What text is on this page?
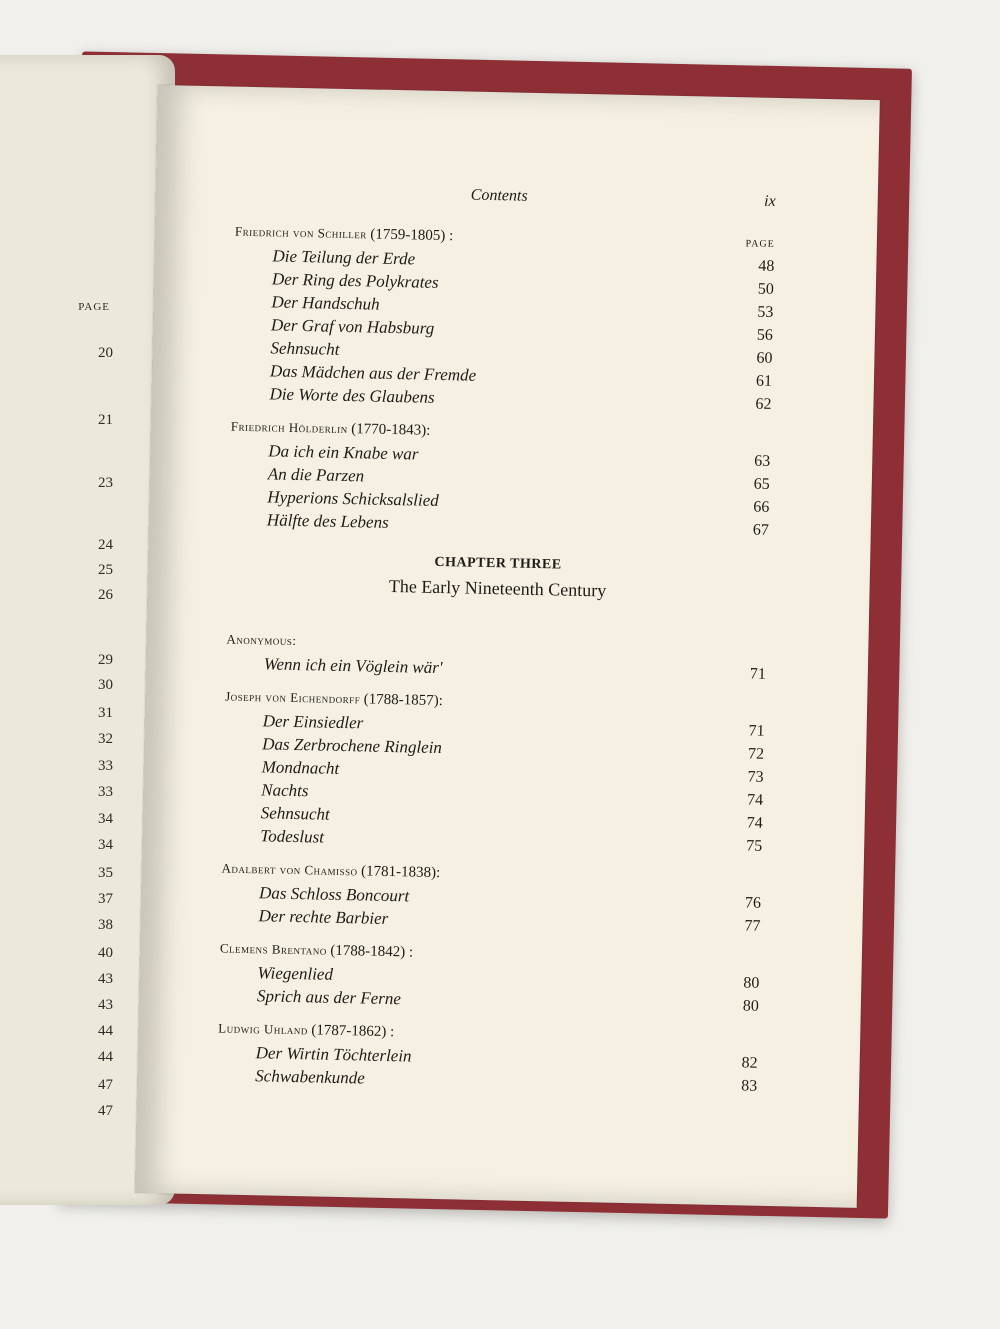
PAGE
20
21
23
24
25
26
29
30
31
32
33
33
34
34
35
37
38
40
43
43
44
44
47
47
Contents	ix
Friedrich von Schiller (1759-1805) :	PAGE
Die Teilung der Erde	48
Der Ring des Polykrates	50
Der Handschuh	53
Der Graf von Habsburg	56
Sehnsucht	60
Das Mädchen aus der Fremde	61
Die Worte des Glaubens	62
Friedrich Hölderlin (1770-1843):
Da ich ein Knabe war	63
An die Parzen	65
Hyperions Schicksalslied	66
Hälfte des Lebens	67
CHAPTER THREE
The Early Nineteenth Century
Anonymous:
Wenn ich ein Vöglein wär'	71
Joseph von Eichendorff (1788-1857):
Der Einsiedler	71
Das Zerbrochene Ringlein	72
Mondnacht	73
Nachts	74
Sehnsucht	74
Todeslust	75
Adalbert von Chamisso (1781-1838):
Das Schloss Boncourt	76
Der rechte Barbier	77
Clemens Brentano (1788-1842) :
Wiegenlied	80
Sprich aus der Ferne	80
Ludwig Uhland (1787-1862) :
Der Wirtin Töchterlein	82
Schwabenkunde	83
